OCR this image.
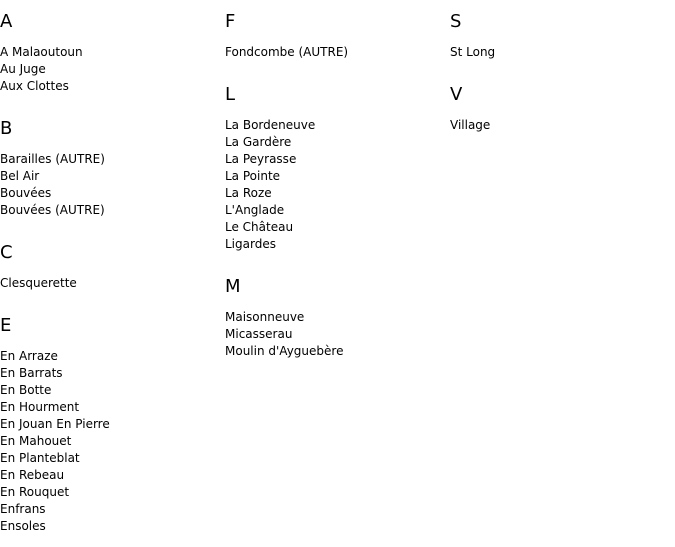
A
A Malaoutoun
Au Juge
Aux Clottes
B
Barailles (AUTRE)
Bel Air
Bouvées
Bouvées (AUTRE)
C
Clesquerette
E
En Arraze
En Barrats
En Botte
En Hourment
En Jouan En Pierre
En Mahouet
En Planteblat
En Rebeau
En Rouquet
Enfrans
Ensoles
F
Fondcombe (AUTRE)
L
La Bordeneuve
La Gardère
La Peyrasse
La Pointe
La Roze
L'Anglade
Le Château
Ligardes
M
Maisonneuve
Micasserau
Moulin d'Ayguebère
S
St Long
V
Village
